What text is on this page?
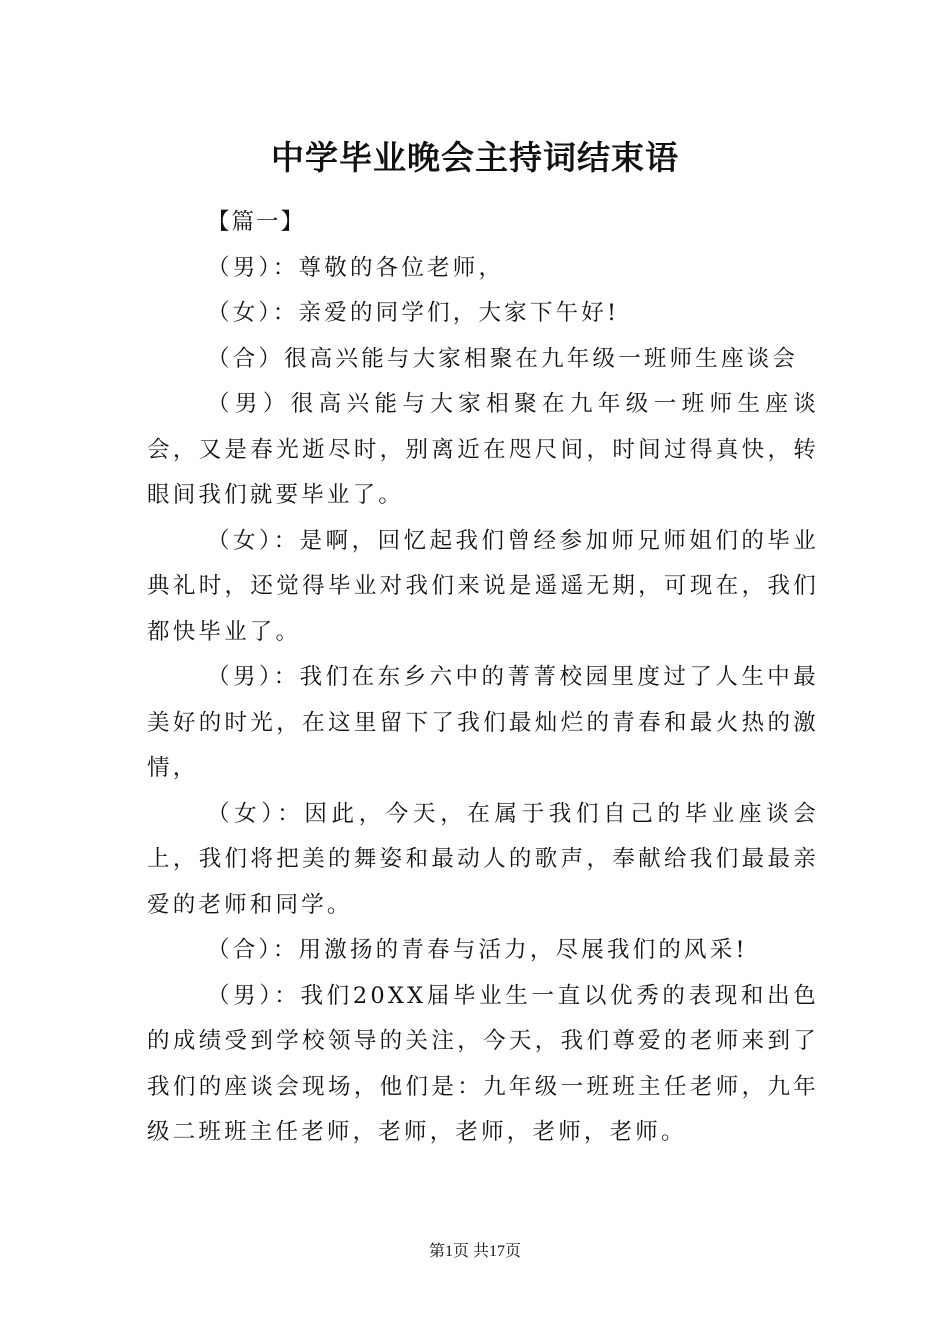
中学毕业晚会主持词结束语

【篇一】

（男）：尊敬的各位老师，

（女）：亲爱的同学们，大家下午好!

（合）很高兴能与大家相聚在九年级一班师生座谈会

（男）很高兴能与大家相聚在九年级一班师生座谈会，又是春光逝尽时，别离近在咫尺间，时间过得真快，转眼间我们就要毕业了。

（女）：是啊，回忆起我们曾经参加师兄师姐们的毕业典礼时，还觉得毕业对我们来说是遥遥无期，可现在，我们都快毕业了。

（男）：我们在东乡六中的菁菁校园里度过了人生中最美好的时光，在这里留下了我们最灿烂的青春和最火热的激情，

（女）：因此，今天，在属于我们自己的毕业座谈会上，我们将把美的舞姿和最动人的歌声，奉献给我们最最亲爱的老师和同学。

（合）：用激扬的青春与活力，尽展我们的风采!

（男）：我们20XX届毕业生一直以优秀的表现和出色的成绩受到学校领导的关注，今天，我们尊爱的老师来到了我们的座谈会现场，他们是：九年级一班班主任老师，九年级二班班主任老师，老师，老师，老师，老师。

第1页 共17页
